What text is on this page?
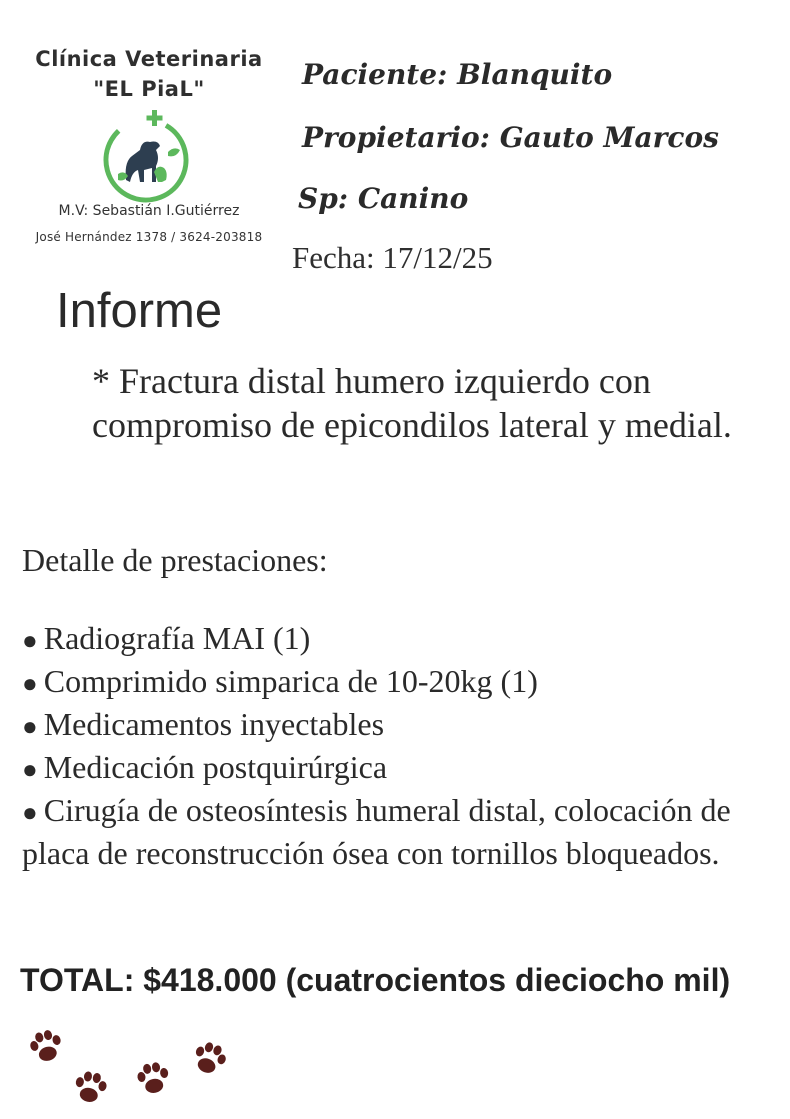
Clínica Veterinaria
"EL PiaL"
M.V: Sebastián I.Gutiérrez
José Hernández 1378 / 3624-203818
Paciente: Blanquito
Propietario: Gauto Marcos
Sp: Canino
Fecha: 17/12/25
Informe
* Fractura distal humero izquierdo con compromiso de epicondilos lateral y medial.
Detalle de prestaciones:
● Radiografía MAI (1)
● Comprimido simparica de 10-20kg (1)
● Medicamentos inyectables
● Medicación postquirúrgica
● Cirugía de osteosíntesis humeral distal, colocación de placa de reconstrucción ósea con tornillos bloqueados.
TOTAL: $418.000 (cuatrocientos dieciocho mil)
